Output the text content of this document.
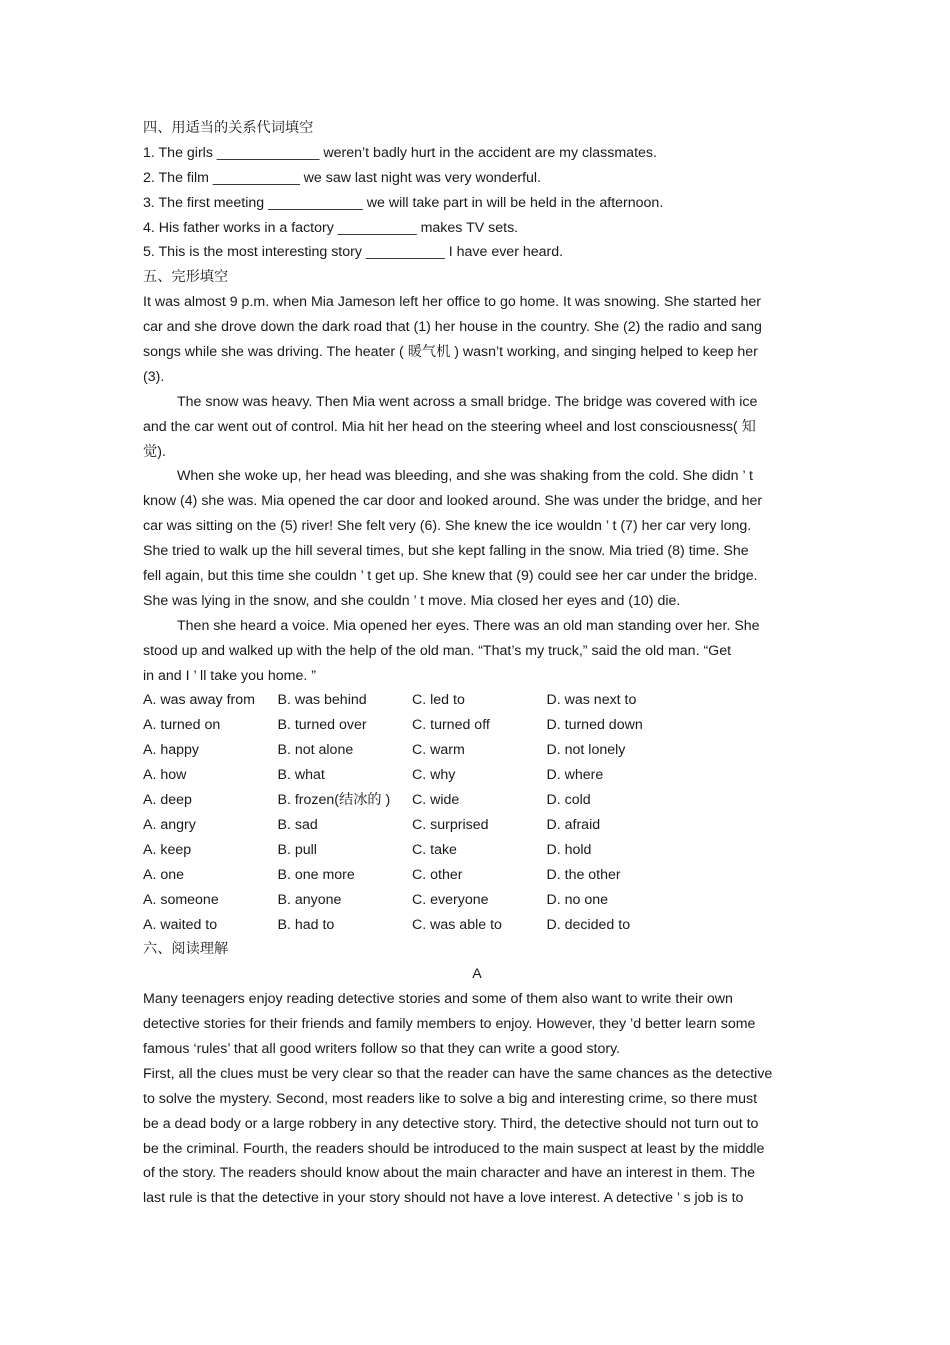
四、用适当的关系代词填空
1. The girls _____________ weren’t badly hurt in the accident are my classmates.
2. The film ___________ we saw last night was very wonderful.
3. The first meeting ____________ we will take part in will be held in the afternoon.
4. His father works in a factory __________ makes TV sets.
5. This is the most interesting story __________ I have ever heard.
五、完形填空
It was almost 9 p.m. when Mia Jameson left her office to go home. It was snowing. She started her
car and she drove down the dark road that (1) her house in the country. She (2) the radio and sang
songs while she was driving. The heater ( 暖气机 ) wasn’t working, and singing helped to keep her
(3).
The snow was heavy. Then Mia went across a small bridge. The bridge was covered with ice
and the car went out of control. Mia hit her head on the steering wheel and lost consciousness( 知
觉).
When she woke up, her head was bleeding, and she was shaking from the cold. She didn ’ t
know (4) she was. Mia opened the car door and looked around. She was under the bridge, and her
car was sitting on the (5) river! She felt very (6). She knew the ice wouldn ’ t (7) her car very long.
She tried to walk up the hill several times, but she kept falling in the snow. Mia tried (8) time. She
fell again, but this time she couldn ’ t get up. She knew that (9) could see her car under the bridge.
She was lying in the snow, and she couldn ’ t move. Mia closed her eyes and (10) die.
Then she heard a voice. Mia opened her eyes. There was an old man standing over her. She
stood up and walked up with the help of the old man. “That’s my truck,” said the old man. “Get
in and I ’ ll take you home. ”
A. was away from	B. was behind	C. led to	D. was next to
A. turned on	B. turned over	C. turned off	D. turned down
A. happy	B. not alone	C. warm	D. not lonely
A. how	B. what	C. why	D. where
A. deep	B. frozen(结冰的 )	C. wide	D. cold
A. angry	B. sad	C. surprised	D. afraid
A. keep	B. pull	C. take	D. hold
A. one	B. one more	C. other	D. the other
A. someone	B. anyone	C. everyone	D. no one
A. waited to	B. had to	C. was able to	D. decided to
六、阅读理解
A
Many teenagers enjoy reading detective stories and some of them also want to write their own
detective stories for their friends and family members to enjoy. However, they ’d better learn some
famous ‘rules’ that all good writers follow so that they can write a good story.
First, all the clues must be very clear so that the reader can have the same chances as the detective
to solve the mystery. Second, most readers like to solve a big and interesting crime, so there must
be a dead body or a large robbery in any detective story. Third, the detective should not turn out to
be the criminal. Fourth, the readers should be introduced to the main suspect at least by the middle
of the story. The readers should know about the main character and have an interest in them. The
last rule is that the detective in your story should not have a love interest. A detective ’ s job is to
